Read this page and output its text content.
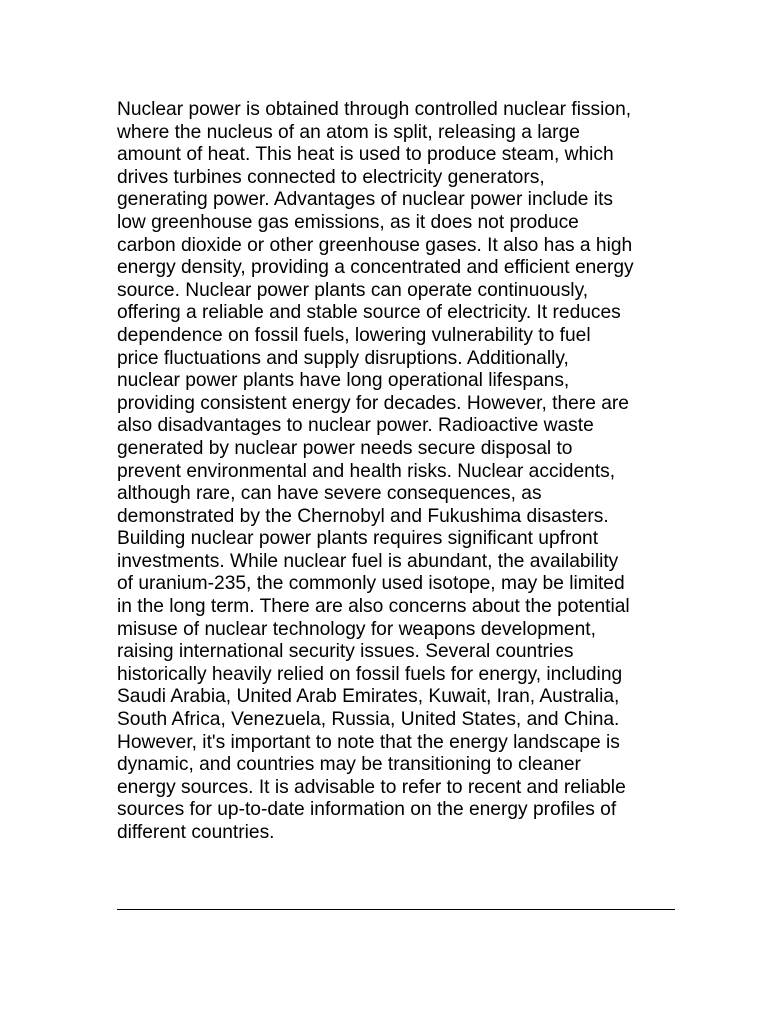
Nuclear power is obtained through controlled nuclear fission,
where the nucleus of an atom is split, releasing a large
amount of heat. This heat is used to produce steam, which
drives turbines connected to electricity generators,
generating power. Advantages of nuclear power include its
low greenhouse gas emissions, as it does not produce
carbon dioxide or other greenhouse gases. It also has a high
energy density, providing a concentrated and efficient energy
source. Nuclear power plants can operate continuously,
offering a reliable and stable source of electricity. It reduces
dependence on fossil fuels, lowering vulnerability to fuel
price fluctuations and supply disruptions. Additionally,
nuclear power plants have long operational lifespans,
providing consistent energy for decades. However, there are
also disadvantages to nuclear power. Radioactive waste
generated by nuclear power needs secure disposal to
prevent environmental and health risks. Nuclear accidents,
although rare, can have severe consequences, as
demonstrated by the Chernobyl and Fukushima disasters.
Building nuclear power plants requires significant upfront
investments. While nuclear fuel is abundant, the availability
of uranium-235, the commonly used isotope, may be limited
in the long term. There are also concerns about the potential
misuse of nuclear technology for weapons development,
raising international security issues. Several countries
historically heavily relied on fossil fuels for energy, including
Saudi Arabia, United Arab Emirates, Kuwait, Iran, Australia,
South Africa, Venezuela, Russia, United States, and China.
However, it's important to note that the energy landscape is
dynamic, and countries may be transitioning to cleaner
energy sources. It is advisable to refer to recent and reliable
sources for up-to-date information on the energy profiles of
different countries.
